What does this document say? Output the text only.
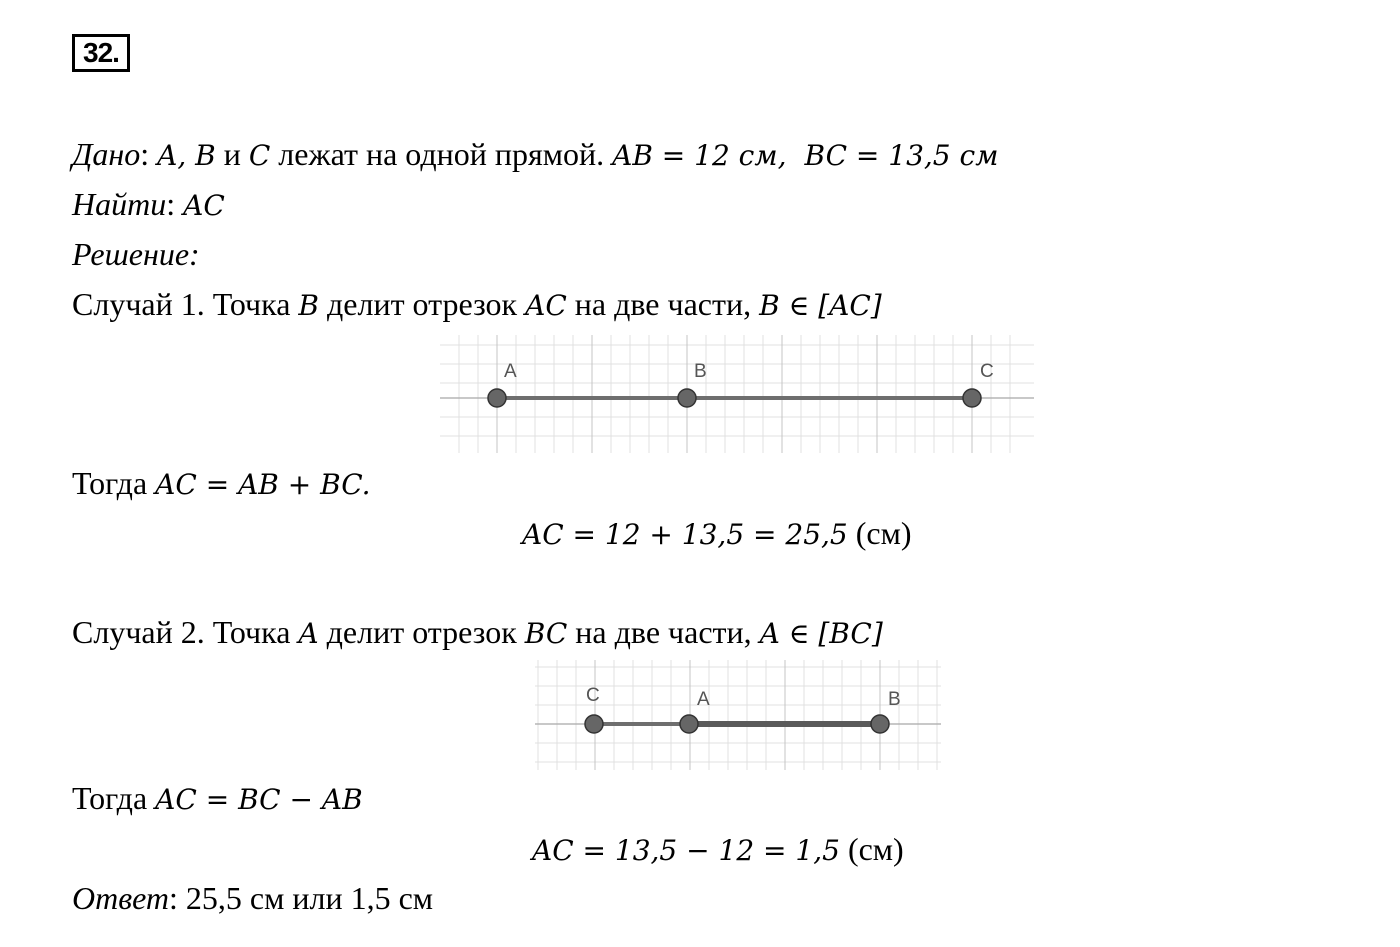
32.
Дано: A, B и C лежат на одной прямой. AB = 12 см, BC = 13,5 см
Найти: AC
Решение:
Случай 1. Точка B делит отрезок AC на две части, B ∈ [AC]
A	B	C
Тогда AC = AB + BC.
AC = 12 + 13,5 = 25,5 (см)
Случай 2. Точка A делит отрезок BC на две части, A ∈ [BC]
C	A	B
Тогда AC = BC − AB
AC = 13,5 − 12 = 1,5 (см)
Ответ: 25,5 см или 1,5 см
